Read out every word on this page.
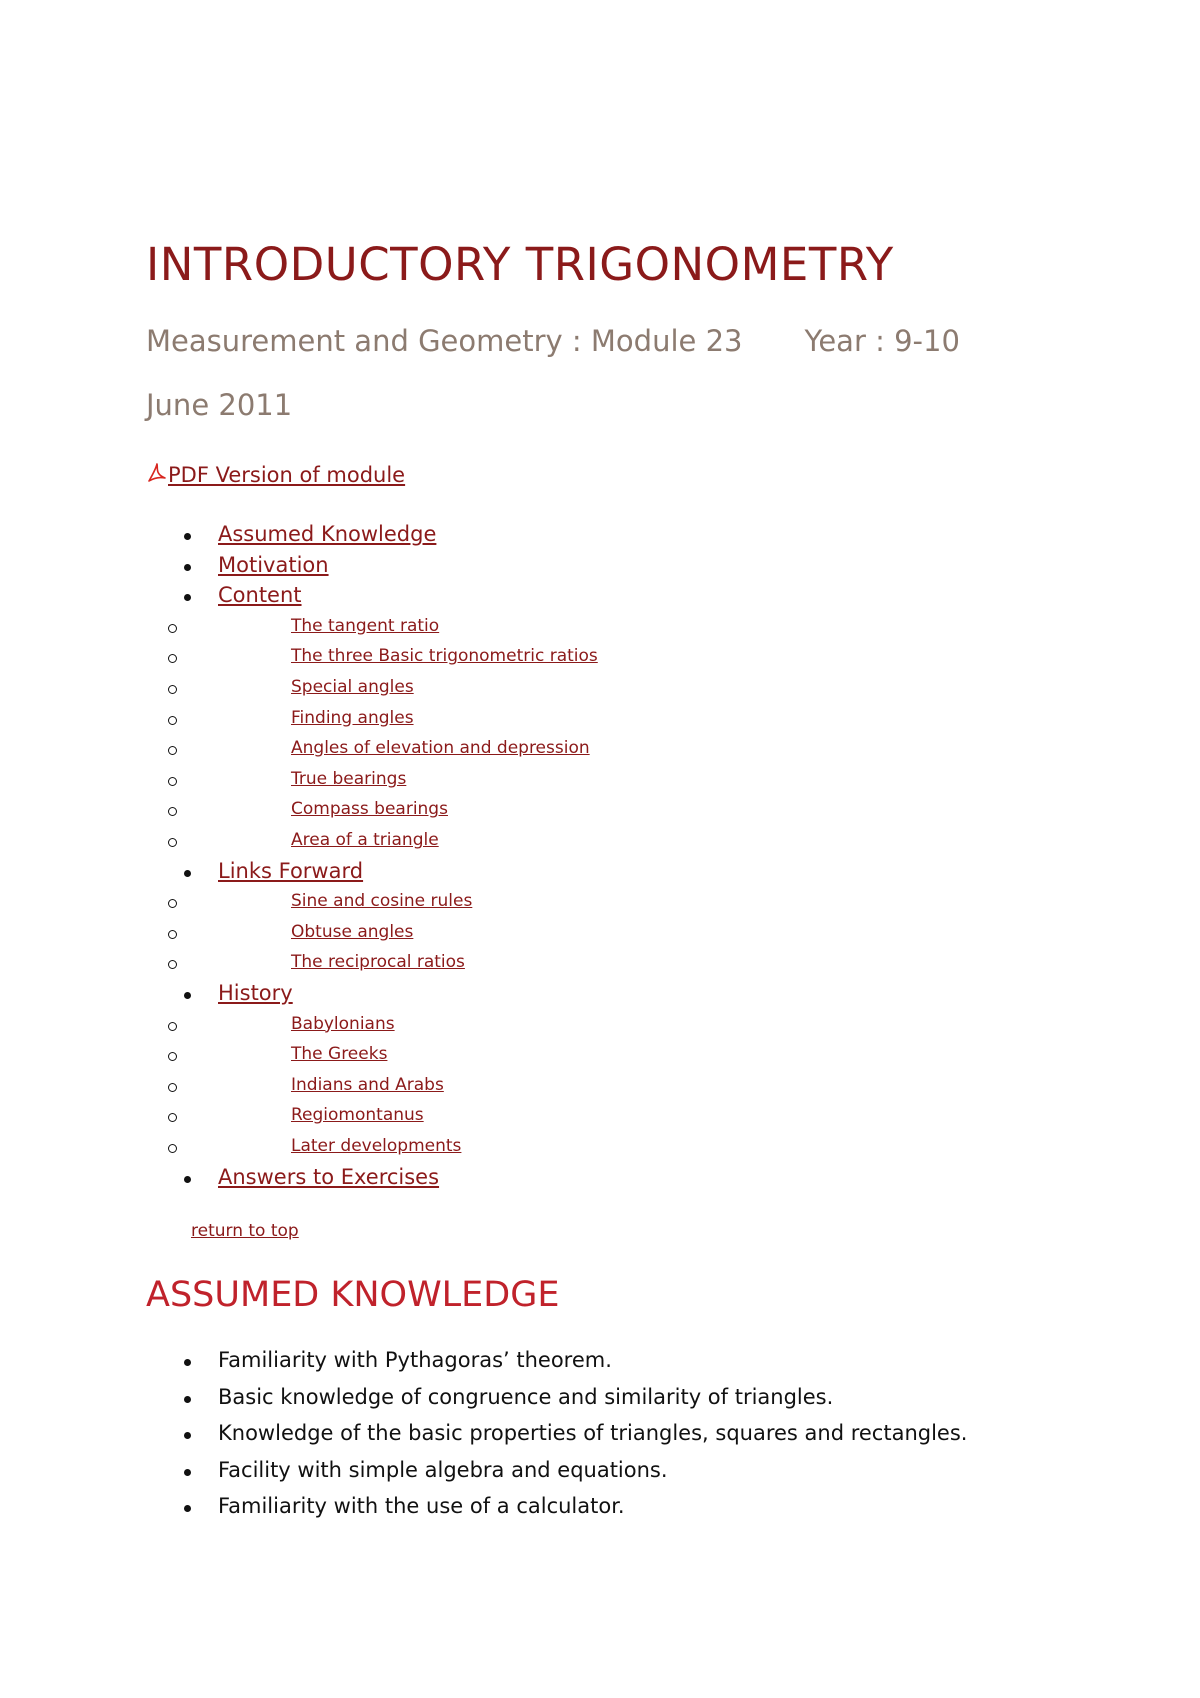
INTRODUCTORY TRIGONOMETRY

Measurement and Geometry : Module 23 Year : 9-10

June 2011

PDF Version of module
Assumed Knowledge
Motivation
Content
The tangent ratio
The three Basic trigonometric ratios
Special angles
Finding angles
Angles of elevation and depression
True bearings
Compass bearings
Area of a triangle
Links Forward
Sine and cosine rules
Obtuse angles
The reciprocal ratios
History
Babylonians
The Greeks
Indians and Arabs
Regiomontanus
Later developments
Answers to Exercises
return to top
ASSUMED KNOWLEDGE
Familiarity with Pythagoras’ theorem.
Basic knowledge of congruence and similarity of triangles.
Knowledge of the basic properties of triangles, squares and rectangles.
Facility with simple algebra and equations.
Familiarity with the use of a calculator.
